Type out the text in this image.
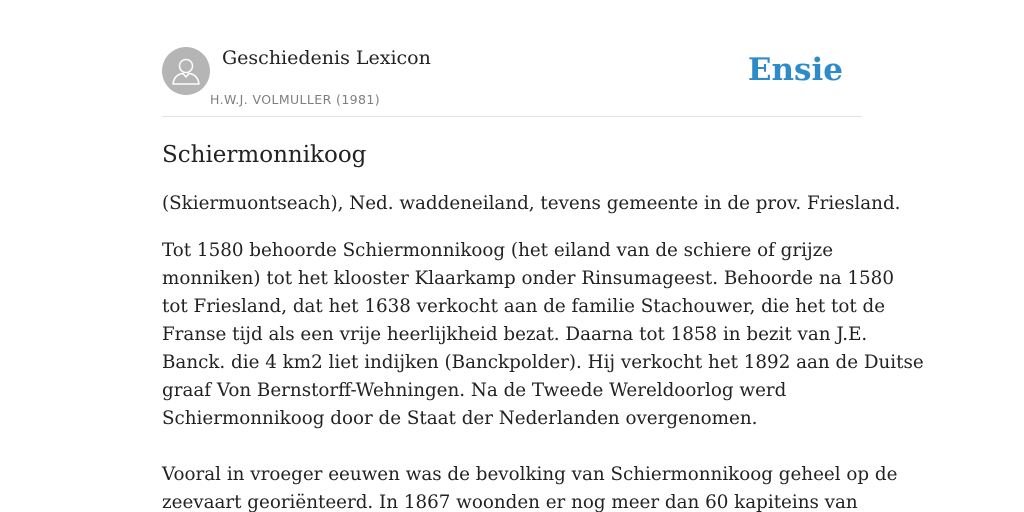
Geschiedenis Lexicon
H.W.J. VOLMULLER (1981)
Ensie
Schiermonnikoog

(Skiermuontseach), Ned. waddeneiland, tevens gemeente in de prov. Friesland.

Tot 1580 behoorde Schiermonnikoog (het eiland van de schiere of grijze
monniken) tot het klooster Klaarkamp onder Rinsumageest. Behoorde na 1580
tot Friesland, dat het 1638 verkocht aan de familie Stachouwer, die het tot de
Franse tijd als een vrije heerlijkheid bezat. Daarna tot 1858 in bezit van J.E.
Banck. die 4 km2 liet indijken (Banckpolder). Hij verkocht het 1892 aan de Duitse
graaf Von Bernstorff-Wehningen. Na de Tweede Wereldoorlog werd
Schiermonnikoog door de Staat der Nederlanden overgenomen.

Vooral in vroeger eeuwen was de bevolking van Schiermonnikoog geheel op de
zeevaart georiënteerd. In 1867 woonden er nog meer dan 60 kapiteins van
